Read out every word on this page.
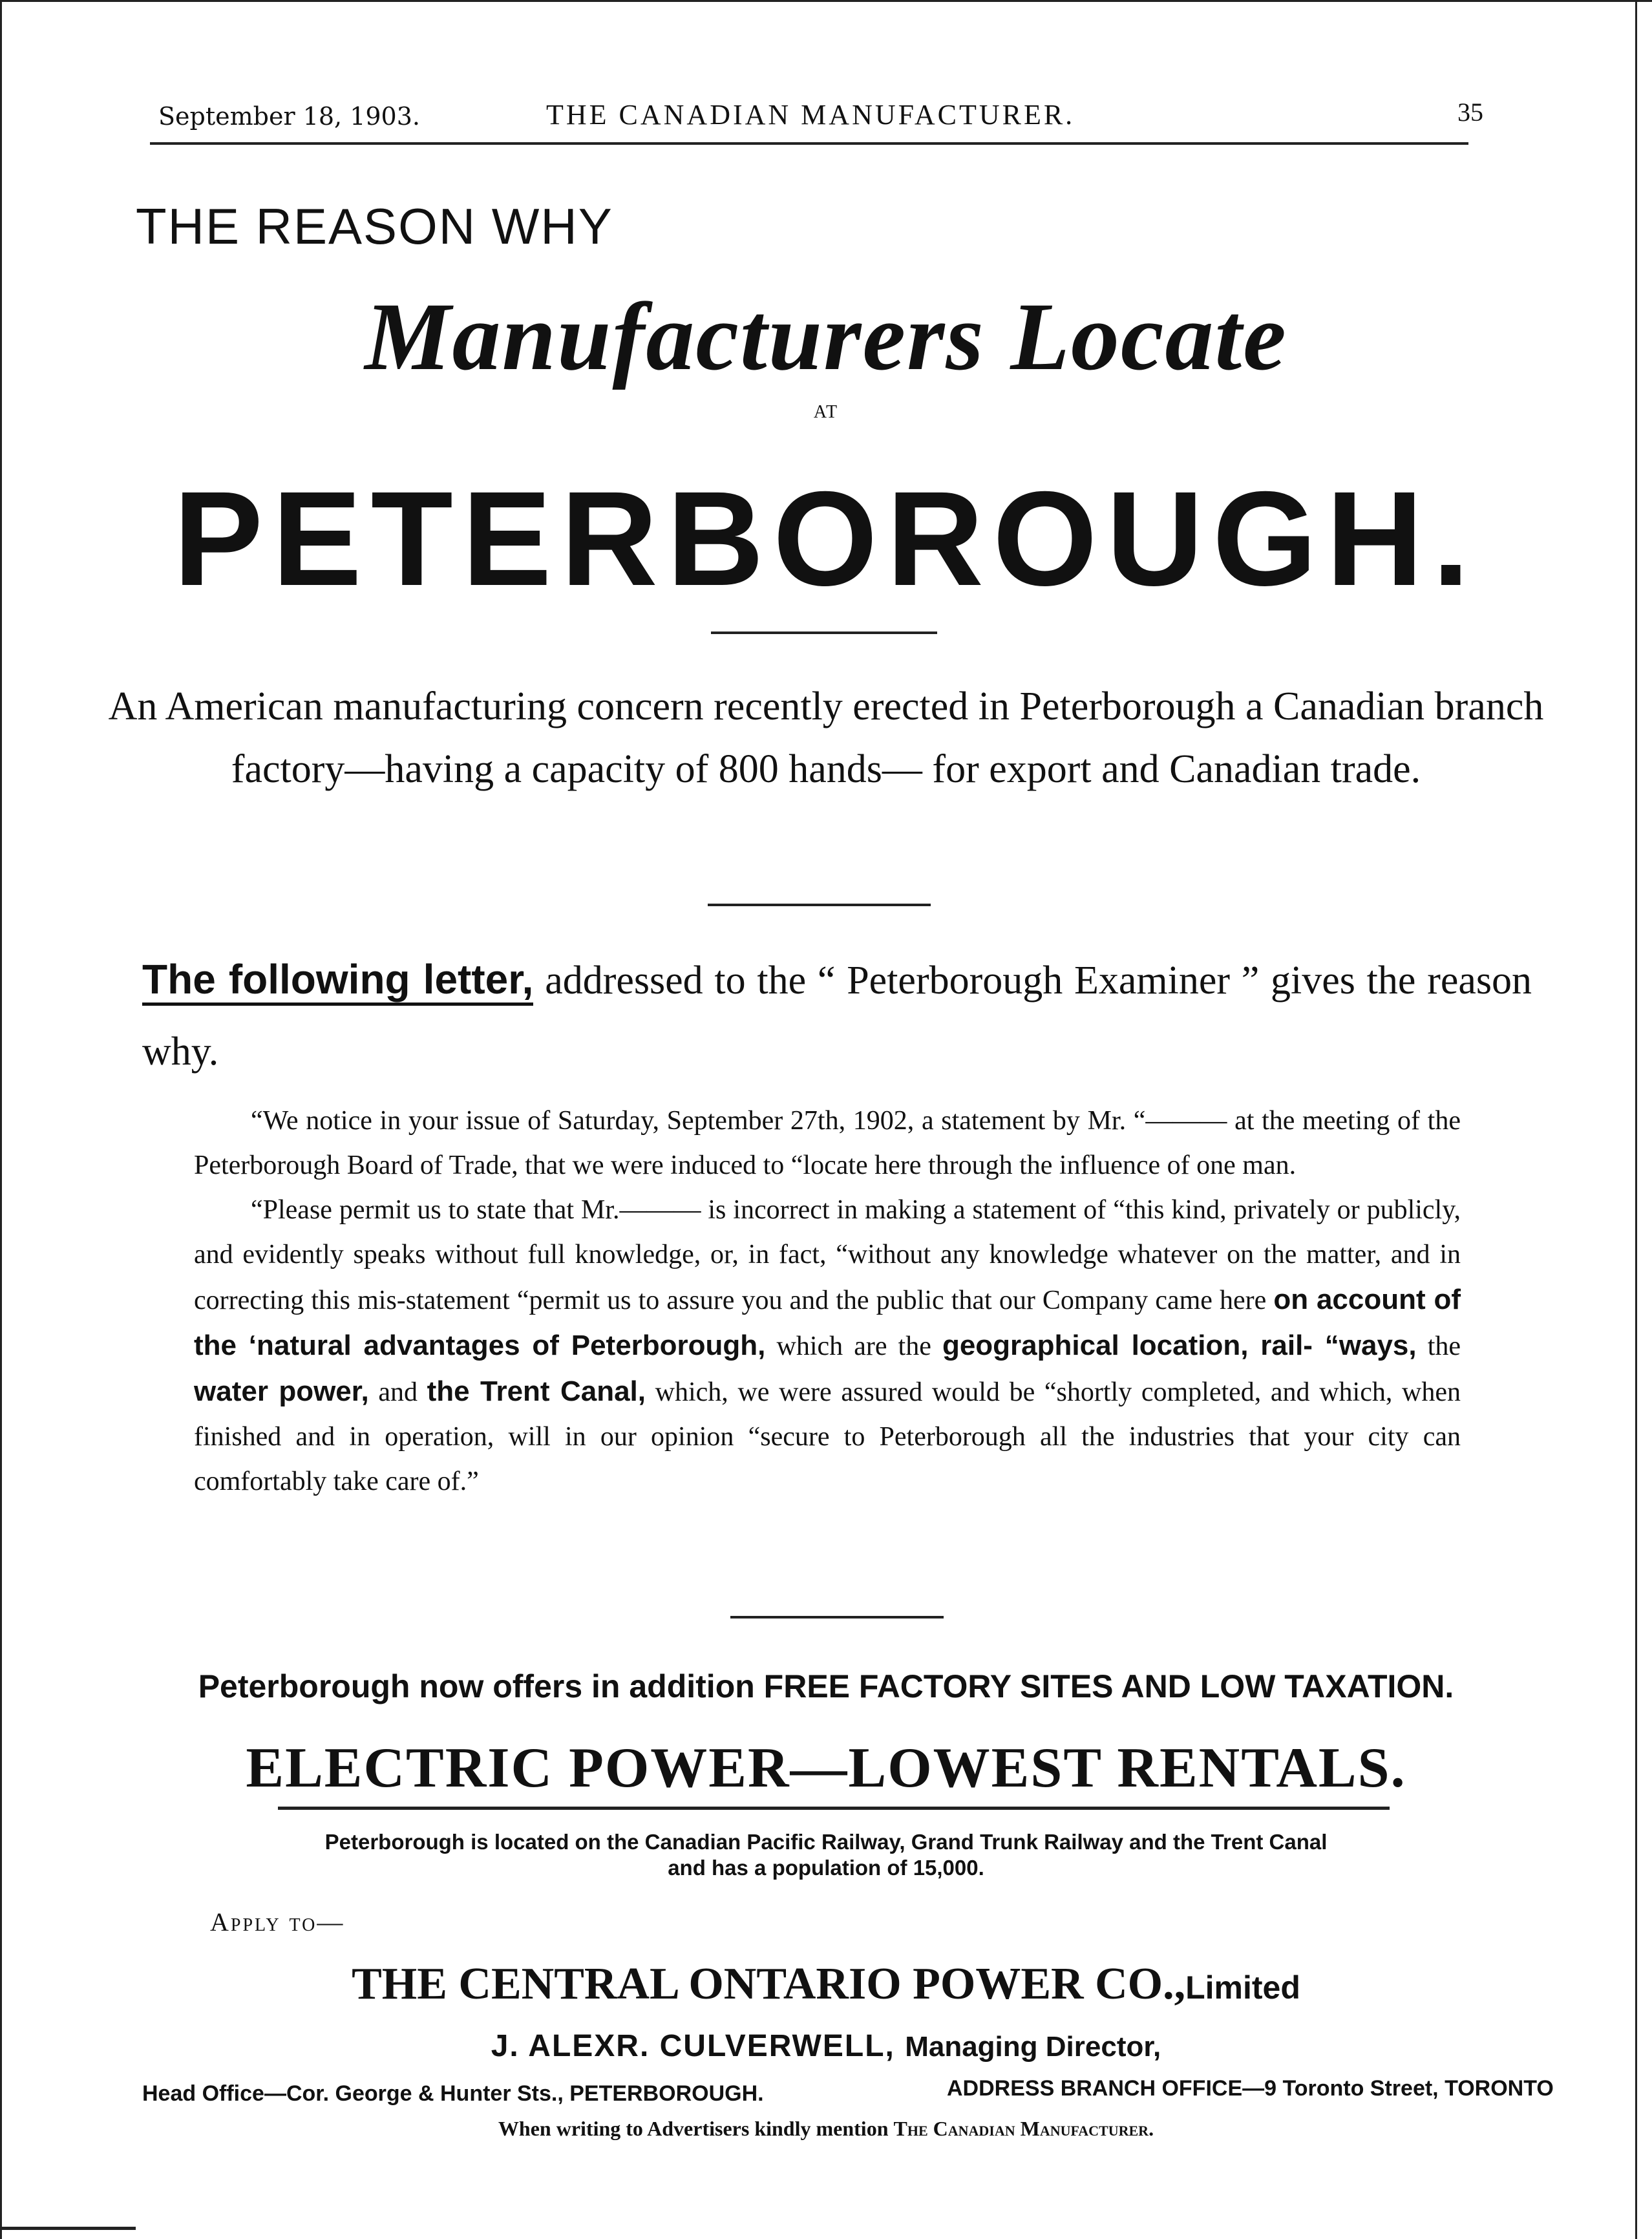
September 18, 1903.	THE CANADIAN MANUFACTURER.	35
THE REASON WHY
Manufacturers Locate
AT
PETERBOROUGH.
An American manufacturing concern recently erected in Peterborough a Canadian branch factory—having a capacity of 800 hands— for export and Canadian trade.
The following letter, addressed to the “ Peterborough Examiner ” gives the reason why.

“We notice in your issue of Saturday, September 27th, 1902, a statement by Mr. “——— at the meeting of the Peterborough Board of Trade, that we were induced to “locate here through the influence of one man.

“Please permit us to state that Mr.——— is incorrect in making a statement of “this kind, privately or publicly, and evidently speaks without full knowledge, or, in fact, “without any knowledge whatever on the matter, and in correcting this mis-statement “permit us to assure you and the public that our Company came here on account of the ‘natural advantages of Peterborough, which are the geographical location, rail- “ways, the water power, and the Trent Canal, which, we were assured would be “shortly completed, and which, when finished and in operation, will in our opinion “secure to Peterborough all the industries that your city can comfortably take care of.”

Peterborough now offers in addition FREE FACTORY SITES AND LOW TAXATION.
ELECTRIC POWER—LOWEST RENTALS.
Peterborough is located on the Canadian Pacific Railway, Grand Trunk Railway and the Trent Canal
and has a population of 15,000.
Apply to—
THE CENTRAL ONTARIO POWER CO.,Limited
J. ALEXR. CULVERWELL, Managing Director,
Head Office—Cor. George & Hunter Sts., PETERBOROUGH.	ADDRESS BRANCH OFFICE—9 Toronto Street, TORONTO
When writing to Advertisers kindly mention The Canadian Manufacturer.
